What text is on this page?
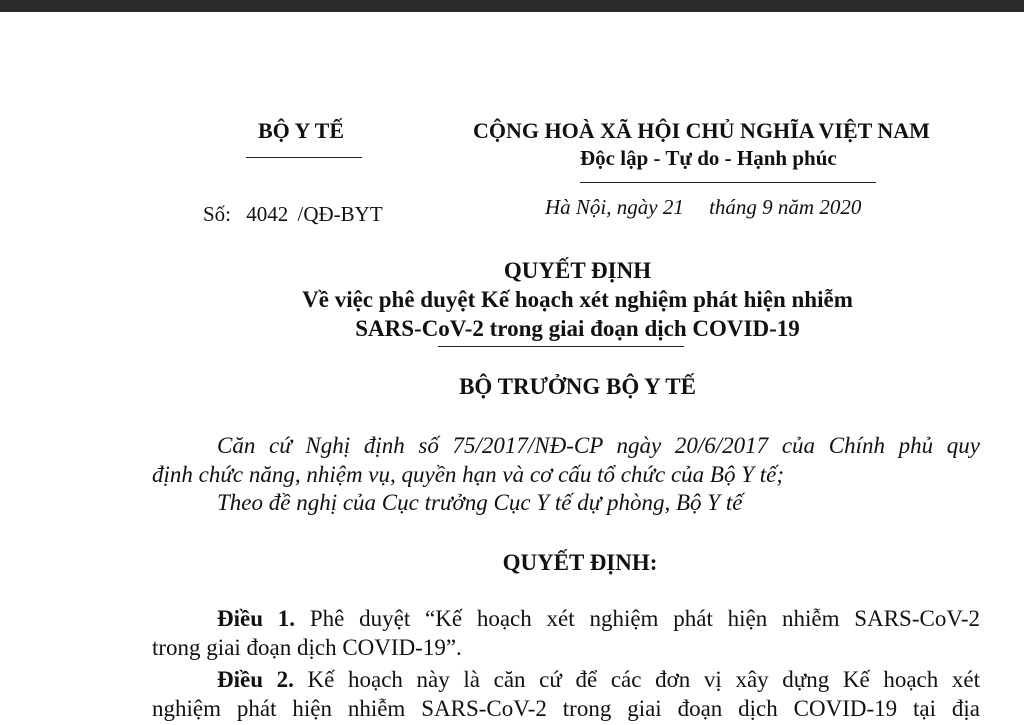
BỘ Y TẾ	CỘNG HOÀ XÃ HỘI CHỦ NGHĨA VIỆT NAM
Độc lập - Tự do - Hạnh phúc
Số: 4042 /QĐ-BYT	Hà Nội, ngày 21 tháng 9 năm 2020
QUYẾT ĐỊNH
Về việc phê duyệt Kế hoạch xét nghiệm phát hiện nhiễm
SARS-CoV-2 trong giai đoạn dịch COVID-19
BỘ TRƯỞNG BỘ Y TẾ
Căn cứ Nghị định số 75/2017/NĐ-CP ngày 20/6/2017 của Chính phủ quy
định chức năng, nhiệm vụ, quyền hạn và cơ cấu tổ chức của Bộ Y tế;
Theo đề nghị của Cục trưởng Cục Y tế dự phòng, Bộ Y tế
QUYẾT ĐỊNH:
Điều 1. Phê duyệt “Kế hoạch xét nghiệm phát hiện nhiễm SARS-CoV-2
trong giai đoạn dịch COVID-19”.
Điều 2. Kế hoạch này là căn cứ để các đơn vị xây dựng Kế hoạch xét
nghiệm phát hiện nhiễm SARS-CoV-2 trong giai đoạn dịch COVID-19 tại địa
